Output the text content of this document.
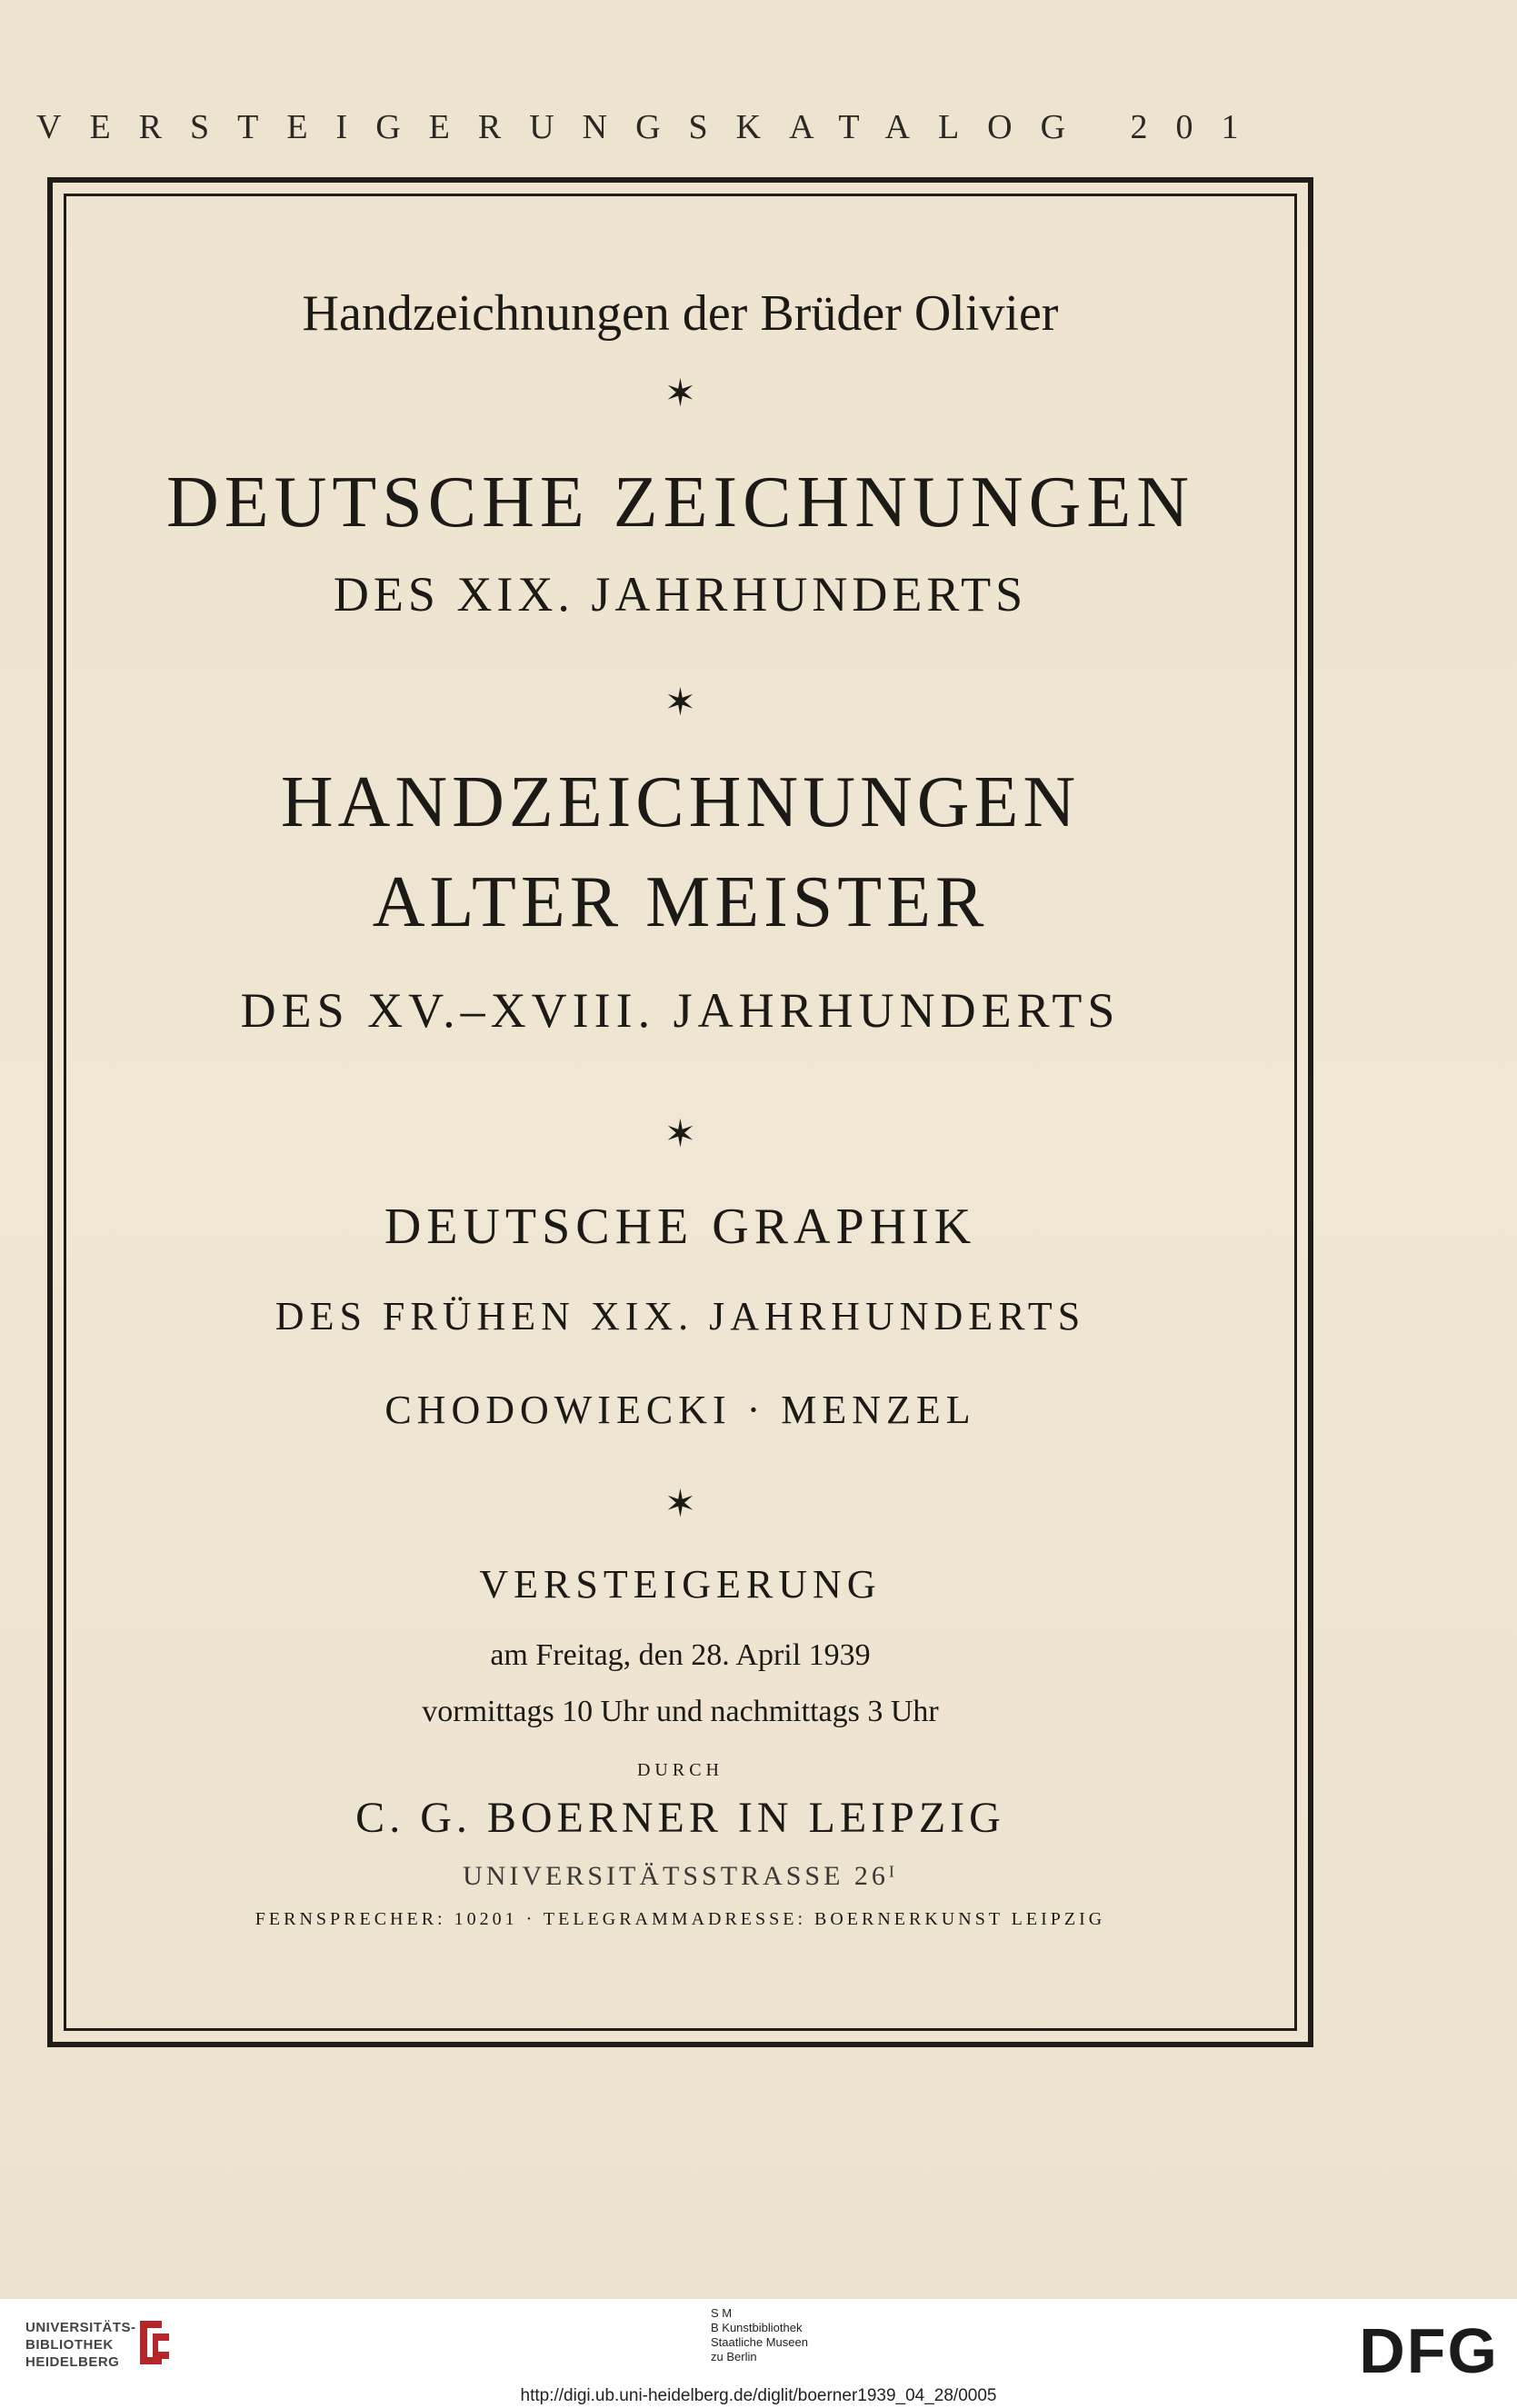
VERSTEIGERUNGSKATALOG 201
Handzeichnungen der Brüder Olivier
✶
DEUTSCHE ZEICHNUNGEN
DES XIX. JAHRHUNDERTS
✶
HANDZEICHNUNGEN
ALTER MEISTER
DES XV.–XVIII. JAHRHUNDERTS
✶
DEUTSCHE GRAPHIK
DES FRÜHEN XIX. JAHRHUNDERTS
CHODOWIECKI · MENZEL
✶
VERSTEIGERUNG
am Freitag, den 28. April 1939
vormittags 10 Uhr und nachmittags 3 Uhr
DURCH
C. G. BOERNER IN LEIPZIG
UNIVERSITÄTSSTRASSE 26ᴵ
FERNSPRECHER: 10201 · TELEGRAMMADRESSE: BOERNERKUNST LEIPZIG
UNIVERSITÄTS-
BIBLIOTHEK
HEIDELBERG
S M
B Kunstbibliothek
Staatliche Museen
zu Berlin	DFG
http://digi.ub.uni-heidelberg.de/diglit/boerner1939_04_28/0005
